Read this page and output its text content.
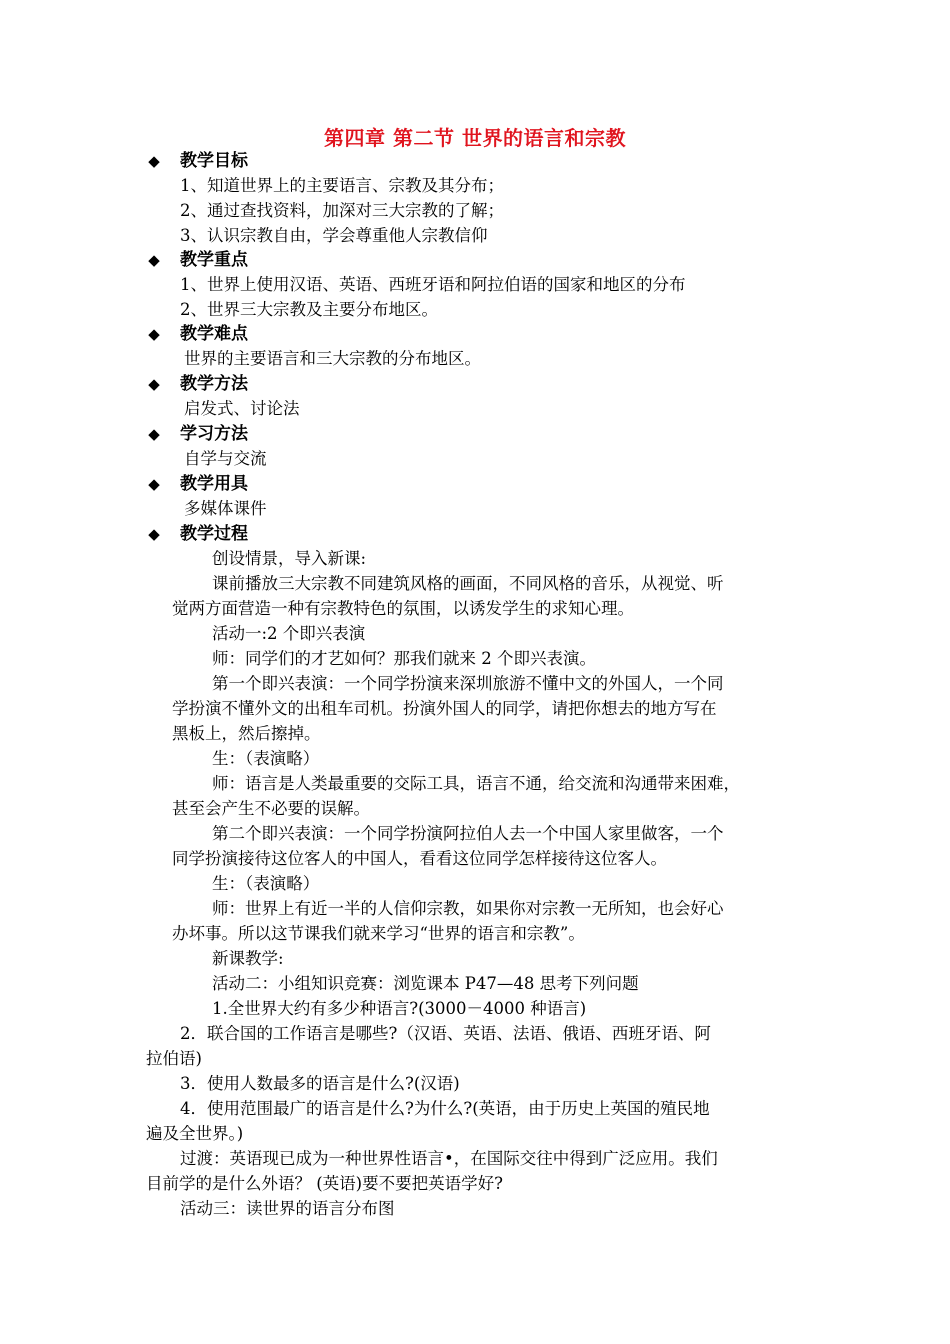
第四章 第二节 世界的语言和宗教
◆ 教学目标
1、知道世界上的主要语言、宗教及其分布；
2、通过查找资料，加深对三大宗教的了解；
3、认识宗教自由，学会尊重他人宗教信仰
◆ 教学重点
1、世界上使用汉语、英语、西班牙语和阿拉伯语的国家和地区的分布
2、世界三大宗教及主要分布地区。
◆ 教学难点
世界的主要语言和三大宗教的分布地区。
◆ 教学方法
启发式、讨论法
◆ 学习方法
自学与交流
◆ 教学用具
多媒体课件
◆ 教学过程
创设情景，导入新课:
课前播放三大宗教不同建筑风格的画面，不同风格的音乐，从视觉、听
觉两方面营造一种有宗教特色的氛围，以诱发学生的求知心理。
活动一:2 个即兴表演
师：同学们的才艺如何？那我们就来 2 个即兴表演。
第一个即兴表演：一个同学扮演来深圳旅游不懂中文的外国人，一个同
学扮演不懂外文的出租车司机。扮演外国人的同学，请把你想去的地方写在
黑板上，然后擦掉。
生：（表演略）
师：语言是人类最重要的交际工具，语言不通，给交流和沟通带来困难，
甚至会产生不必要的误解。
第二个即兴表演：一个同学扮演阿拉伯人去一个中国人家里做客，一个
同学扮演接待这位客人的中国人，看看这位同学怎样接待这位客人。
生：（表演略）
师：世界上有近一半的人信仰宗教，如果你对宗教一无所知，也会好心
办坏事。所以这节课我们就来学习“世界的语言和宗教”。
新课教学:
活动二：小组知识竞赛：浏览课本 P47—48 思考下列问题
1.全世界大约有多少种语言?(3000－4000 种语言)
2．联合国的工作语言是哪些?（汉语、英语、法语、俄语、西班牙语、阿
拉伯语)
3．使用人数最多的语言是什么?(汉语)
4．使用范围最广的语言是什么?为什么?(英语，由于历史上英国的殖民地
遍及全世界。)
过渡：英语现已成为一种世界性语言•，在国际交往中得到广泛应用。我们
目前学的是什么外语？ (英语)要不要把英语学好?
活动三：读世界的语言分布图
